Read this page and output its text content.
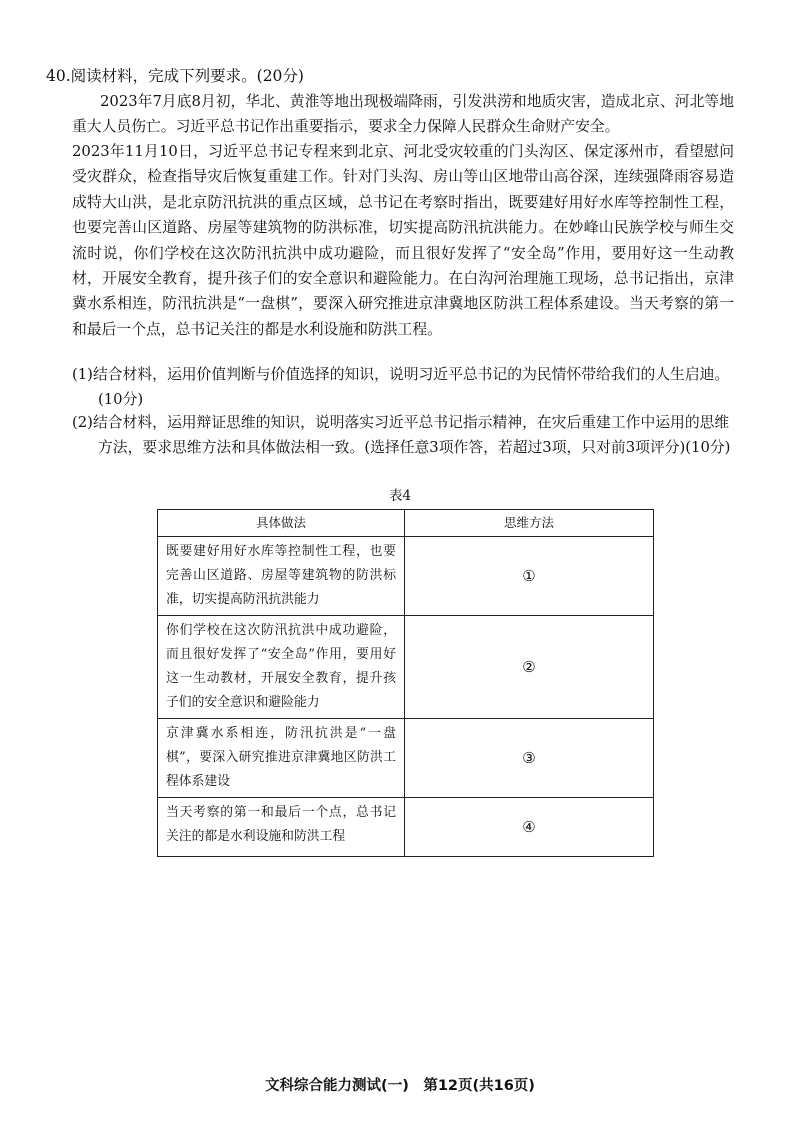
40.阅读材料，完成下列要求。(20分)

2023年7月底8月初，华北、黄淮等地出现极端降雨，引发洪涝和地质灾害，造成北京、河北等地重大人员伤亡。习近平总书记作出重要指示，要求全力保障人民群众生命财产安全。

2023年11月10日，习近平总书记专程来到北京、河北受灾较重的门头沟区、保定涿州市，看望慰问受灾群众，检查指导灾后恢复重建工作。针对门头沟、房山等山区地带山高谷深，连续强降雨容易造成特大山洪，是北京防汛抗洪的重点区域，总书记在考察时指出，既要建好用好水库等控制性工程，也要完善山区道路、房屋等建筑物的防洪标准，切实提高防汛抗洪能力。在妙峰山民族学校与师生交流时说，你们学校在这次防汛抗洪中成功避险，而且很好发挥了“安全岛”作用，要用好这一生动教材，开展安全教育，提升孩子们的安全意识和避险能力。在白沟河治理施工现场，总书记指出，京津冀水系相连，防汛抗洪是“一盘棋”，要深入研究推进京津冀地区防洪工程体系建设。当天考察的第一和最后一个点，总书记关注的都是水利设施和防洪工程。

(1)结合材料，运用价值判断与价值选择的知识，说明习近平总书记的为民情怀带给我们的人生启迪。(10分)
(2)结合材料，运用辩证思维的知识，说明落实习近平总书记指示精神，在灾后重建工作中运用的思维方法，要求思维方法和具体做法相一致。(选择任意3项作答，若超过3项，只对前3项评分)(10分)
表4
具体做法	思维方法
既要建好用好水库等控制性工程，也要完善山区道路、房屋等建筑物的防洪标准，切实提高防汛抗洪能力	①
你们学校在这次防汛抗洪中成功避险，而且很好发挥了“安全岛”作用，要用好这一生动教材，开展安全教育，提升孩子们的安全意识和避险能力	②
京津冀水系相连，防汛抗洪是“一盘棋”，要深入研究推进京津冀地区防洪工程体系建设	③
当天考察的第一和最后一个点，总书记关注的都是水利设施和防洪工程	④
文科综合能力测试(一)　第12页(共16页)
